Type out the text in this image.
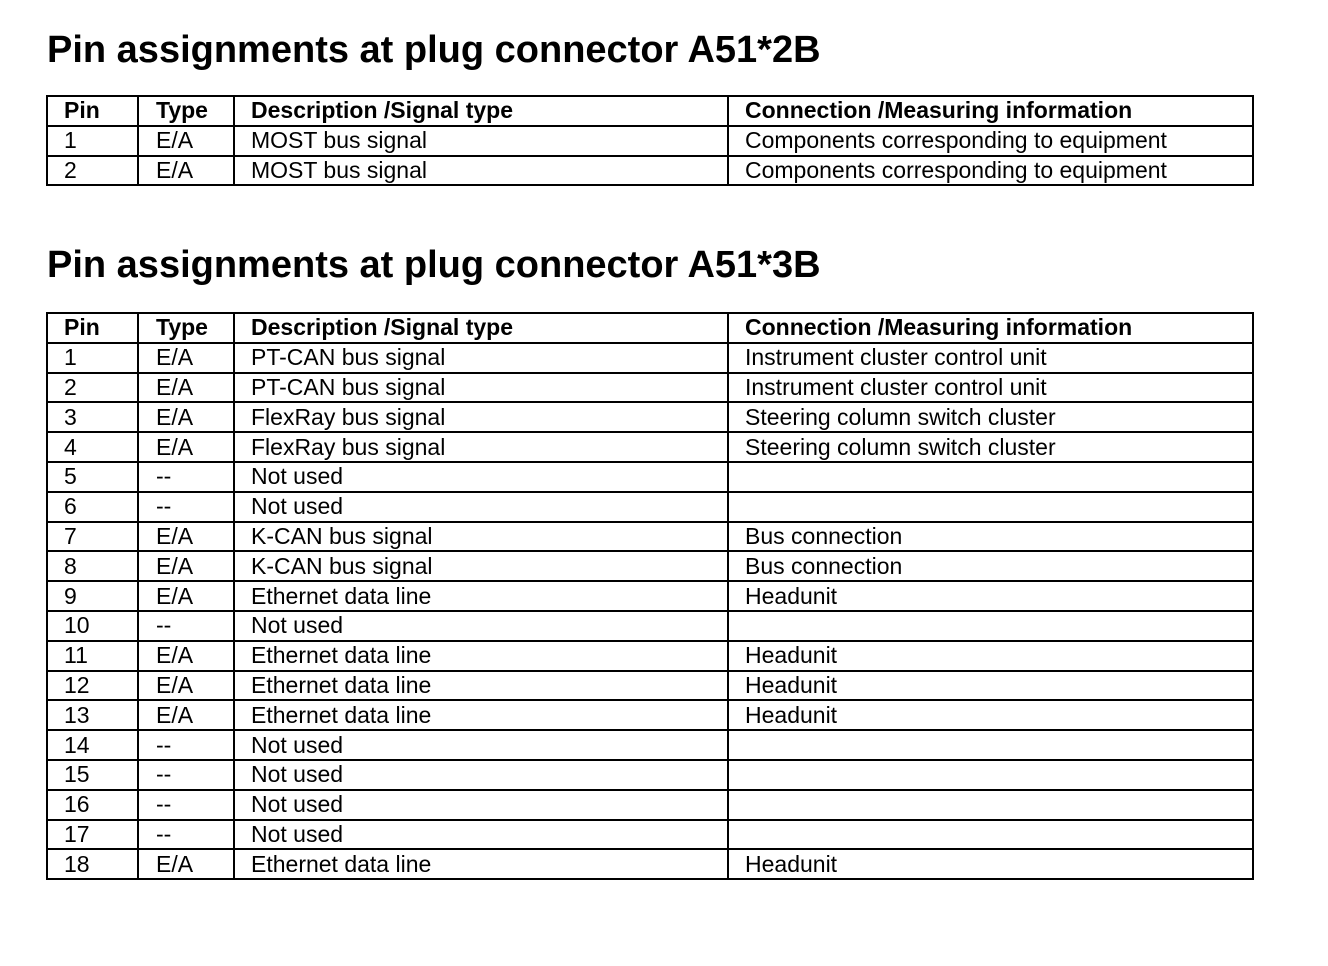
Pin assignments at plug connector A51*2B
Pin	Type	Description /Signal type	Connection /Measuring information
1	E/A	MOST bus signal	Components corresponding to equipment
2	E/A	MOST bus signal	Components corresponding to equipment
Pin assignments at plug connector A51*3B
Pin	Type	Description /Signal type	Connection /Measuring information
1	E/A	PT-CAN bus signal	Instrument cluster control unit
2	E/A	PT-CAN bus signal	Instrument cluster control unit
3	E/A	FlexRay bus signal	Steering column switch cluster
4	E/A	FlexRay bus signal	Steering column switch cluster
5	--	Not used	
6	--	Not used	
7	E/A	K-CAN bus signal	Bus connection
8	E/A	K-CAN bus signal	Bus connection
9	E/A	Ethernet data line	Headunit
10	--	Not used	
11	E/A	Ethernet data line	Headunit
12	E/A	Ethernet data line	Headunit
13	E/A	Ethernet data line	Headunit
14	--	Not used	
15	--	Not used	
16	--	Not used	
17	--	Not used	
18	E/A	Ethernet data line	Headunit
